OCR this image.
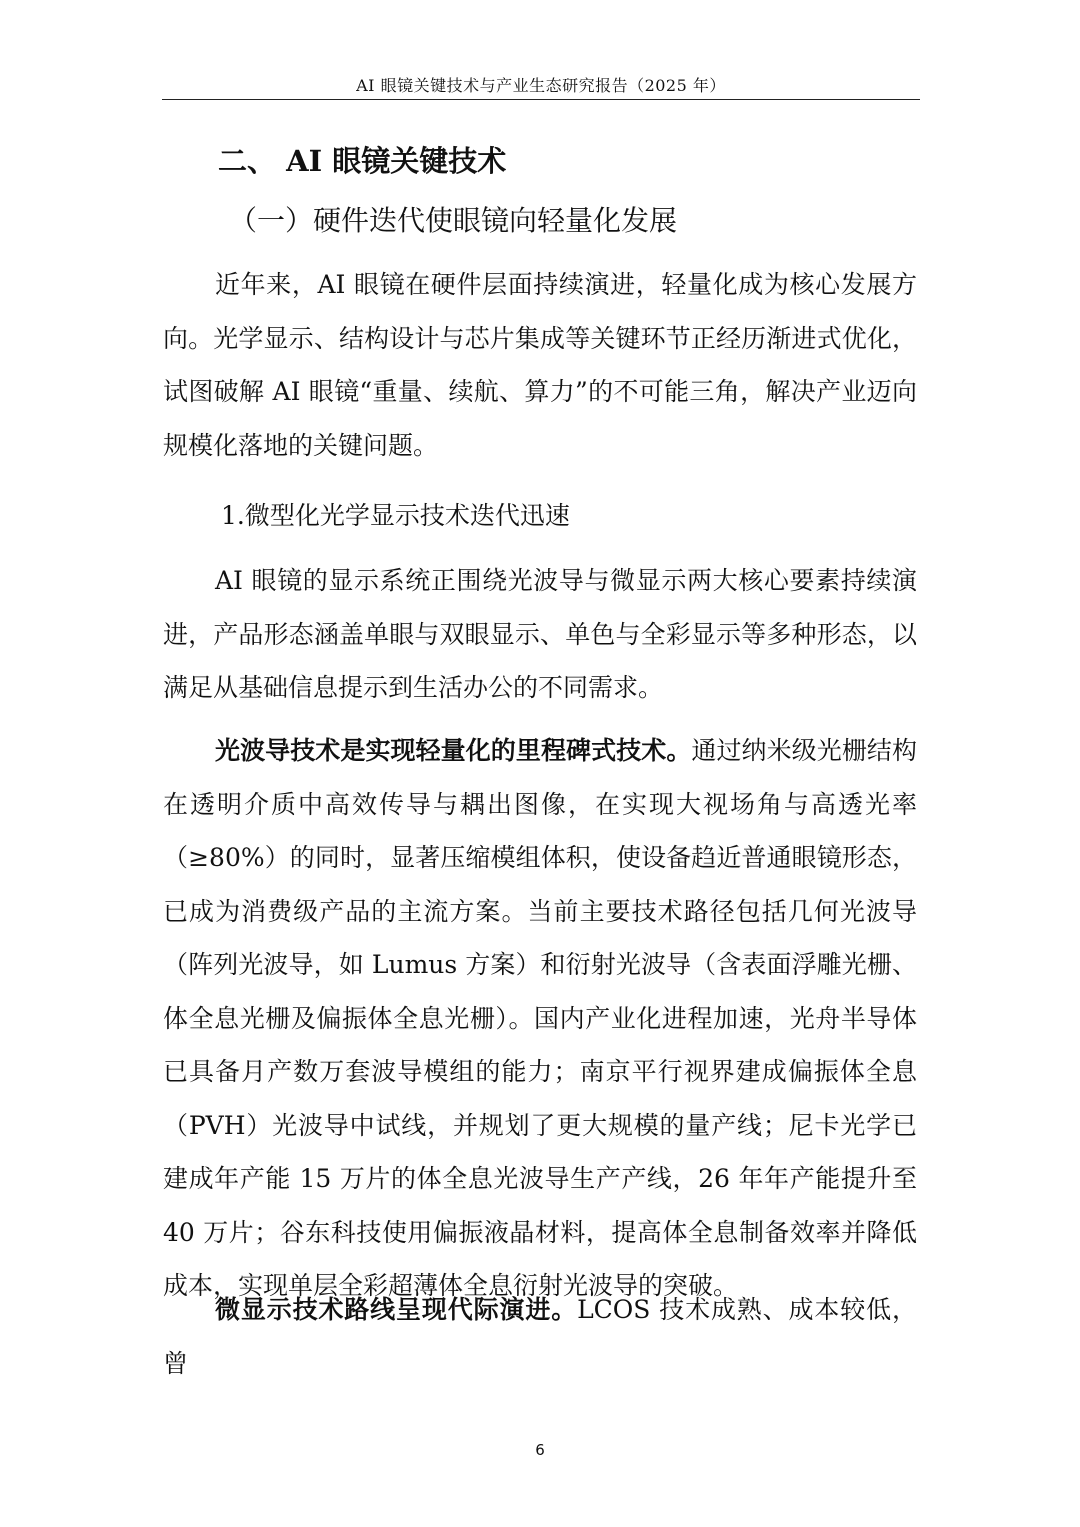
AI 眼镜关键技术与产业生态研究报告（2025 年）
二、 AI 眼镜关键技术
（一）硬件迭代使眼镜向轻量化发展

近年来，AI 眼镜在硬件层面持续演进，轻量化成为核心发展方向。光学显示、结构设计与芯片集成等关键环节正经历渐进式优化，试图破解 AI 眼镜“重量、续航、算力”的不可能三角，解决产业迈向规模化落地的关键问题。

1.微型化光学显示技术迭代迅速

AI 眼镜的显示系统正围绕光波导与微显示两大核心要素持续演进，产品形态涵盖单眼与双眼显示、单色与全彩显示等多种形态，以满足从基础信息提示到生活办公的不同需求。

光波导技术是实现轻量化的里程碑式技术。通过纳米级光栅结构在透明介质中高效传导与耦出图像，在实现大视场角与高透光率（≥80%）的同时，显著压缩模组体积，使设备趋近普通眼镜形态，已成为消费级产品的主流方案。当前主要技术路径包括几何光波导（阵列光波导，如 Lumus 方案）和衍射光波导（含表面浮雕光栅、体全息光栅及偏振体全息光栅）。国内产业化进程加速，光舟半导体已具备月产数万套波导模组的能力；南京平行视界建成偏振体全息（PVH）光波导中试线，并规划了更大规模的量产线；尼卡光学已建成年产能 15 万片的体全息光波导生产产线，26 年年产能提升至 40 万片；谷东科技使用偏振液晶材料，提高体全息制备效率并降低成本，实现单层全彩超薄体全息衍射光波导的突破。

微显示技术路线呈现代际演进。LCOS 技术成熟、成本较低，曾

6
